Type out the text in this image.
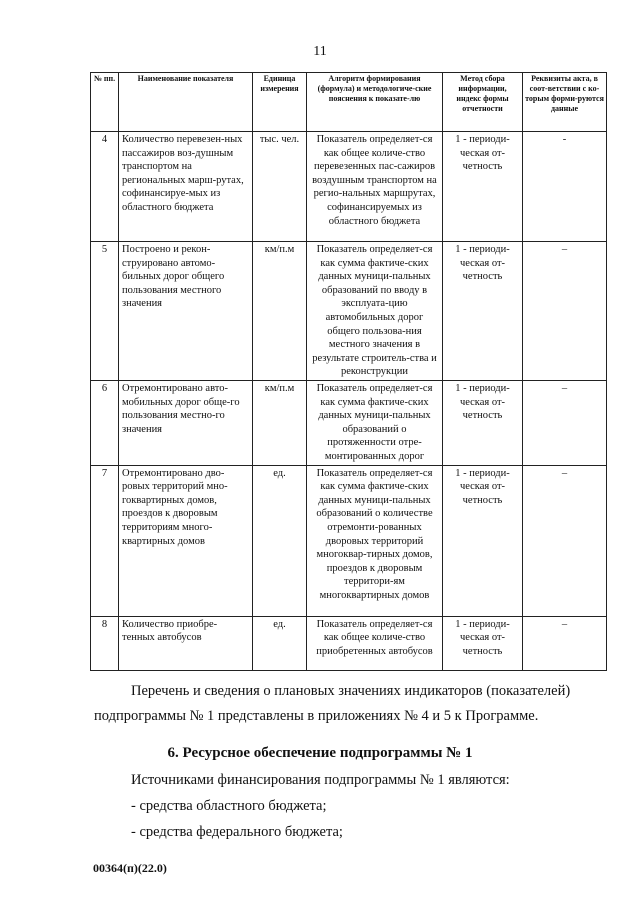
11
№ пп.	Наименование показателя	Единица измерения	Алгоритм формирования (формула) и методологиче-ские пояснения к показате-лю	Метод сбора информации, индекс формы отчетности	Реквизиты акта, в соот-ветствии с ко-торым форми-руются данные
4	Количество перевезен-ных пассажиров воз-душным транспортом на региональных марш-рутах, софинансируе-мых из областного бюджета	тыс. чел.	Показатель определяет-ся как общее количе-ство перевезенных пас-сажиров воздушным транспортом на регио-нальных маршрутах, софинансируемых из областного бюджета	1 - периоди-ческая от-четность	-
5	Построено и рекон-струировано автомо-бильных дорог общего пользования местного значения	км/п.м	Показатель определяет-ся как сумма фактиче-ских данных муници-пальных образований по вводу в эксплуата-цию автомобильных дорог общего пользова-ния местного значения в результате строитель-ства и реконструкции	1 - периоди-ческая от-четность	–
6	Отремонтировано авто-мобильных дорог обще-го пользования местно-го значения	км/п.м	Показатель определяет-ся как сумма фактиче-ских данных муници-пальных образований о протяженности отре-монтированных дорог	1 - периоди-ческая от-четность	–
7	Отремонтировано дво-ровых территорий мно-гоквартирных домов, проездов к дворовым территориям много-квартирных домов	ед.	Показатель определяет-ся как сумма фактиче-ских данных муници-пальных образований о количестве отремонти-рованных дворовых территорий многоквар-тирных домов, проездов к дворовым территори-ям многоквартирных домов	1 - периоди-ческая от-четность	–
8	Количество приобре-тенных автобусов	ед.	Показатель определяет-ся как общее количе-ство приобретенных автобусов	1 - периоди-ческая от-четность	–

Перечень и сведения о плановых значениях индикаторов (показателей)

подпрограммы № 1 представлены в приложениях № 4 и 5 к Программе.

6. Ресурсное обеспечение подпрограммы № 1

Источниками финансирования подпрограммы № 1 являются:

- средства областного бюджета;

- средства федерального бюджета;

00364(п)(22.0)
